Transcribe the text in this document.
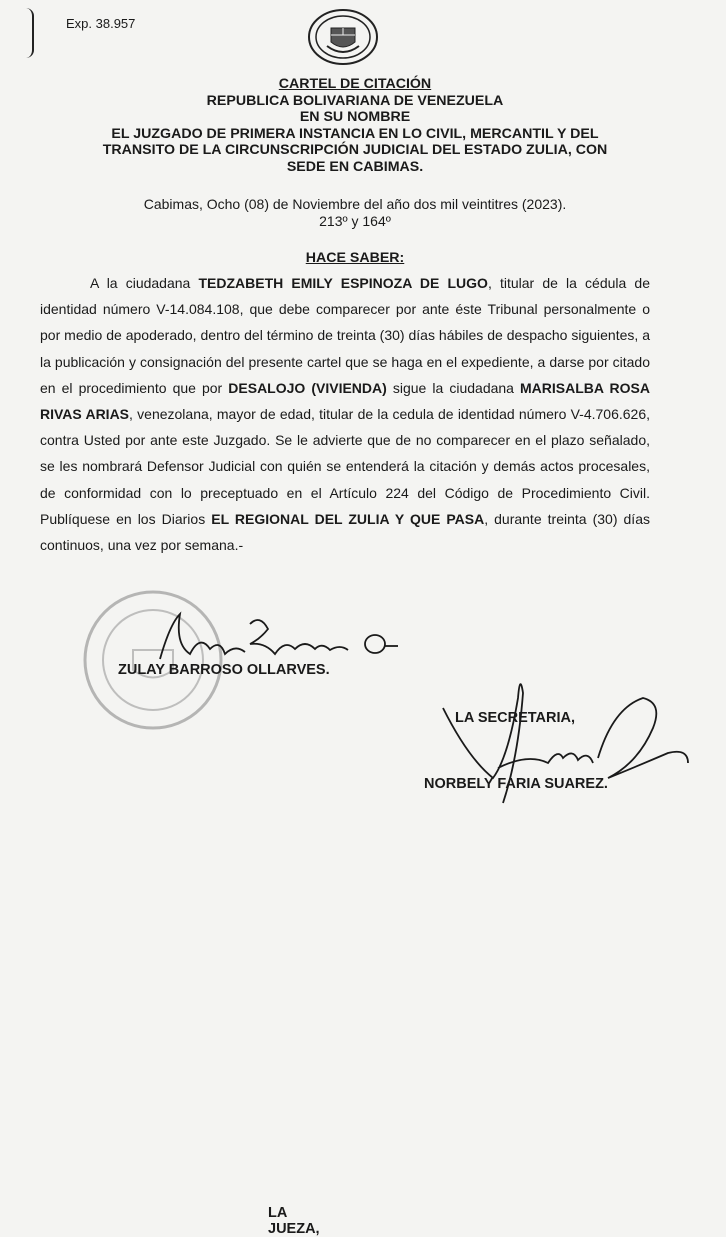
Exp. 38.957
CARTEL DE CITACIÓN
REPUBLICA BOLIVARIANA DE VENEZUELA
EN SU NOMBRE
EL JUZGADO DE PRIMERA INSTANCIA EN LO CIVIL, MERCANTIL Y DEL
TRANSITO DE LA CIRCUNSCRIPCIÓN JUDICIAL DEL ESTADO ZULIA, CON
SEDE EN CABIMAS.
Cabimas, Ocho (08) de Noviembre del año dos mil veintitres (2023).
213º y 164º
HACE SABER:

A la ciudadana TEDZABETH EMILY ESPINOZA DE LUGO, titular de la cédula de identidad número V-14.084.108, que debe comparecer por ante éste Tribunal personalmente o por medio de apoderado, dentro del término de treinta (30) días hábiles de despacho siguientes, a la publicación y consignación del presente cartel que se haga en el expediente, a darse por citado en el procedimiento que por DESALOJO (VIVIENDA) sigue la ciudadana MARISALBA ROSA RIVAS ARIAS, venezolana, mayor de edad, titular de la cedula de identidad número V-4.706.626, contra Usted por ante este Juzgado. Se le advierte que de no comparecer en el plazo señalado, se les nombrará Defensor Judicial con quién se entenderá la citación y demás actos procesales, de conformidad con lo preceptuado en el Artículo 224 del Código de Procedimiento Civil. Publíquese en los Diarios EL REGIONAL DEL ZULIA Y QUE PASA, durante treinta (30) días continuos, una vez por semana.-

LA JUEZA,
ZULAY BARROSO OLLARVES.
LA SECRETARIA,
NORBELY FARIA SUAREZ.
